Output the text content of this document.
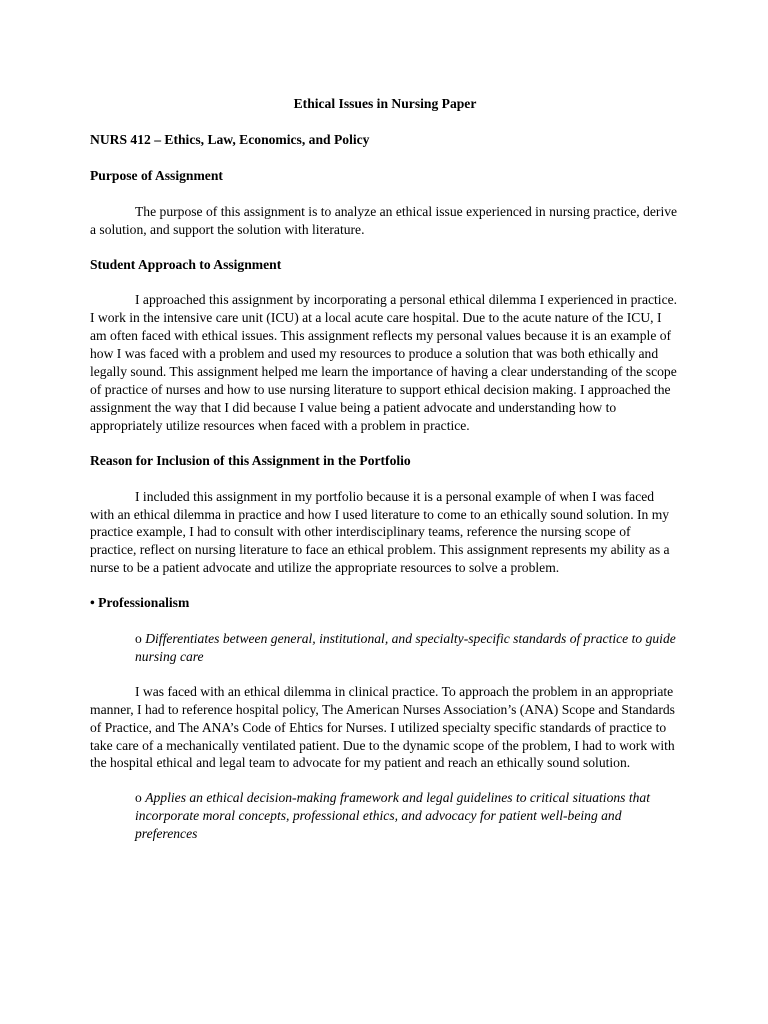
Ethical Issues in Nursing Paper

NURS 412 – Ethics, Law, Economics, and Policy

Purpose of Assignment

The purpose of this assignment is to analyze an ethical issue experienced in nursing practice, derive a solution, and support the solution with literature.

Student Approach to Assignment

I approached this assignment by incorporating a personal ethical dilemma I experienced in practice. I work in the intensive care unit (ICU) at a local acute care hospital. Due to the acute nature of the ICU, I am often faced with ethical issues. This assignment reflects my personal values because it is an example of how I was faced with a problem and used my resources to produce a solution that was both ethically and legally sound. This assignment helped me learn the importance of having a clear understanding of the scope of practice of nurses and how to use nursing literature to support ethical decision making. I approached the assignment the way that I did because I value being a patient advocate and understanding how to appropriately utilize resources when faced with a problem in practice.

Reason for Inclusion of this Assignment in the Portfolio

I included this assignment in my portfolio because it is a personal example of when I was faced with an ethical dilemma in practice and how I used literature to come to an ethically sound solution. In my practice example, I had to consult with other interdisciplinary teams, reference the nursing scope of practice, reflect on nursing literature to face an ethical problem. This assignment represents my ability as a nurse to be a patient advocate and utilize the appropriate resources to solve a problem.

• Professionalism

o Differentiates between general, institutional, and specialty-specific standards of practice to guide nursing care

I was faced with an ethical dilemma in clinical practice. To approach the problem in an appropriate manner, I had to reference hospital policy, The American Nurses Association’s (ANA) Scope and Standards of Practice, and The ANA’s Code of Ehtics for Nurses. I utilized specialty specific standards of practice to take care of a mechanically ventilated patient. Due to the dynamic scope of the problem, I had to work with the hospital ethical and legal team to advocate for my patient and reach an ethically sound solution.

o Applies an ethical decision-making framework and legal guidelines to critical situations that incorporate moral concepts, professional ethics, and advocacy for patient well-being and preferences
